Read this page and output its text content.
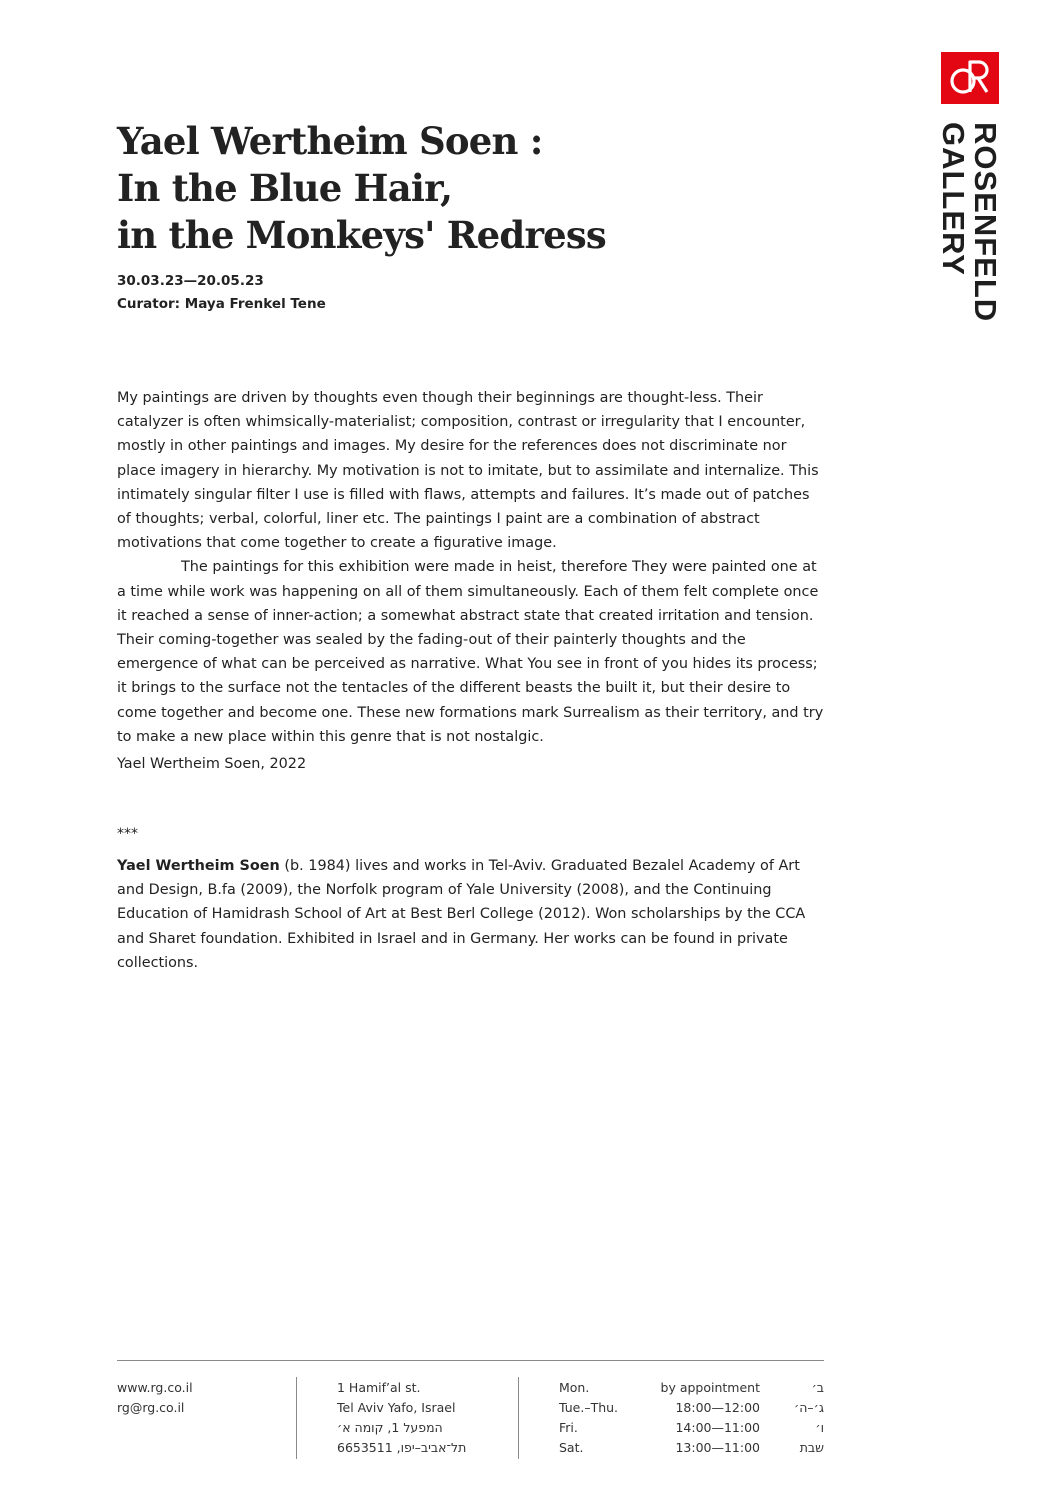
ROSENFELD
GALLERY
Yael Wertheim Soen :
In the Blue Hair,
in the Monkeys' Redress
30.03.23—20.05.23
Curator: Maya Frenkel Tene

My paintings are driven by thoughts even though their beginnings are thought-less. Their catalyzer is often whimsically-materialist; composition, contrast or irregularity that I encounter, mostly in other paintings and images. My desire for the references does not discriminate nor place imagery in hierarchy. My motivation is not to imitate, but to assimilate and internalize. This intimately singular filter I use is filled with flaws, attempts and failures. It’s made out of patches of thoughts; verbal, colorful, liner etc. The paintings I paint are a combination of abstract motivations that come together to create a figurative image.

The paintings for this exhibition were made in heist, therefore They were painted one at a time while work was happening on all of them simultaneously. Each of them felt complete once it reached a sense of inner-action; a somewhat abstract state that created irritation and tension. Their coming-together was sealed by the fading-out of their painterly thoughts and the emergence of what can be perceived as narrative. What You see in front of you hides its process; it brings to the surface not the tentacles of the different beasts the built it, but their desire to come together and become one. These new formations mark Surrealism as their territory, and try to make a new place within this genre that is not nostalgic.

Yael Wertheim Soen, 2022
***

Yael Wertheim Soen (b. 1984) lives and works in Tel-Aviv. Graduated Bezalel Academy of Art and Design, B.fa (2009), the Norfolk program of Yale University (2008), and the Continuing Education of Hamidrash School of Art at Best Berl College (2012). Won scholarships by the CCA and Sharet foundation. Exhibited in Israel and in Germany. Her works can be found in private collections.

www.rg.co.il
rg@rg.co.il
1 Hamif’al st.
Tel Aviv Yafo, Israel
המפעל 1, קומה א׳
6653511 ,תל־אביב–יפו
Mon.
Tue.–Thu.
Fri.
Sat.
by appointment
18:00—12:00
14:00—11:00
13:00—11:00
ב׳
ג׳–ה׳
ו׳
שבת
